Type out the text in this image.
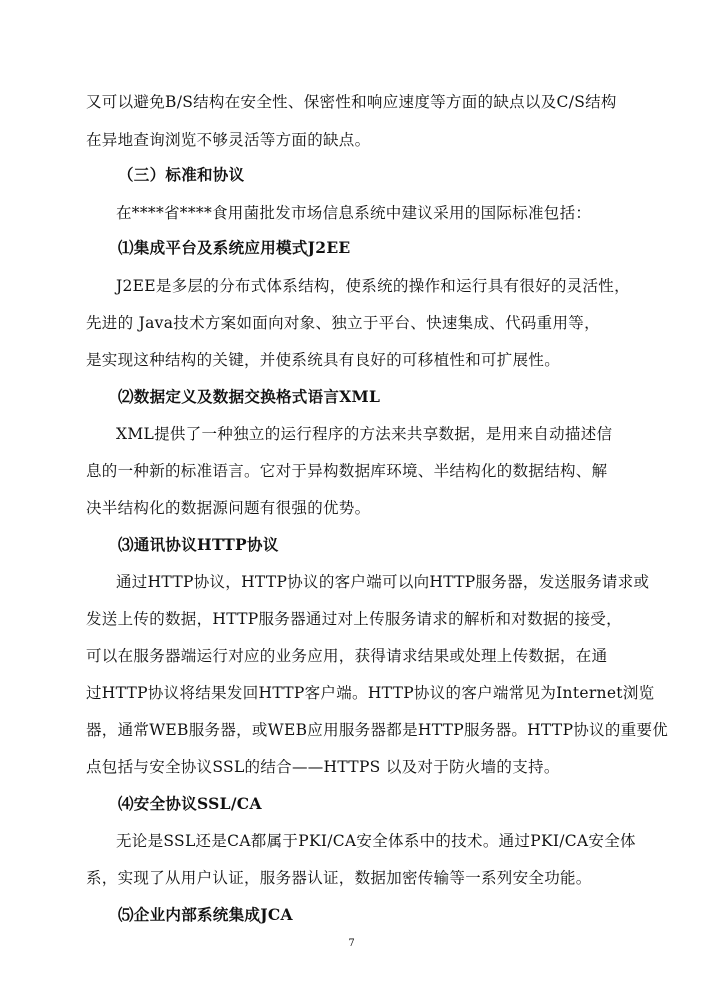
又可以避免B/S结构在安全性、保密性和响应速度等方面的缺点以及C/S结构
在异地查询浏览不够灵活等方面的缺点。
（三）标准和协议
在****省****食用菌批发市场信息系统中建议采用的国际标准包括：
⑴集成平台及系统应用模式J2EE
J2EE是多层的分布式体系结构，使系统的操作和运行具有很好的灵活性，
先进的 Java技术方案如面向对象、独立于平台、快速集成、代码重用等，
是实现这种结构的关键，并使系统具有良好的可移植性和可扩展性。
⑵数据定义及数据交换格式语言XML
XML提供了一种独立的运行程序的方法来共享数据，是用来自动描述信
息的一种新的标准语言。它对于异构数据库环境、半结构化的数据结构、解
决半结构化的数据源问题有很强的优势。
⑶通讯协议HTTP协议
通过HTTP协议，HTTP协议的客户端可以向HTTP服务器，发送服务请求或
发送上传的数据，HTTP服务器通过对上传服务请求的解析和对数据的接受，
可以在服务器端运行对应的业务应用，获得请求结果或处理上传数据，在通
过HTTP协议将结果发回HTTP客户端。HTTP协议的客户端常见为Internet浏览
器，通常WEB服务器，或WEB应用服务器都是HTTP服务器。HTTP协议的重要优
点包括与安全协议SSL的结合——HTTPS 以及对于防火墙的支持。
⑷安全协议SSL/CA
无论是SSL还是CA都属于PKI/CA安全体系中的技术。通过PKI/CA安全体
系，实现了从用户认证，服务器认证，数据加密传输等一系列安全功能。
⑸企业内部系统集成JCA
7
